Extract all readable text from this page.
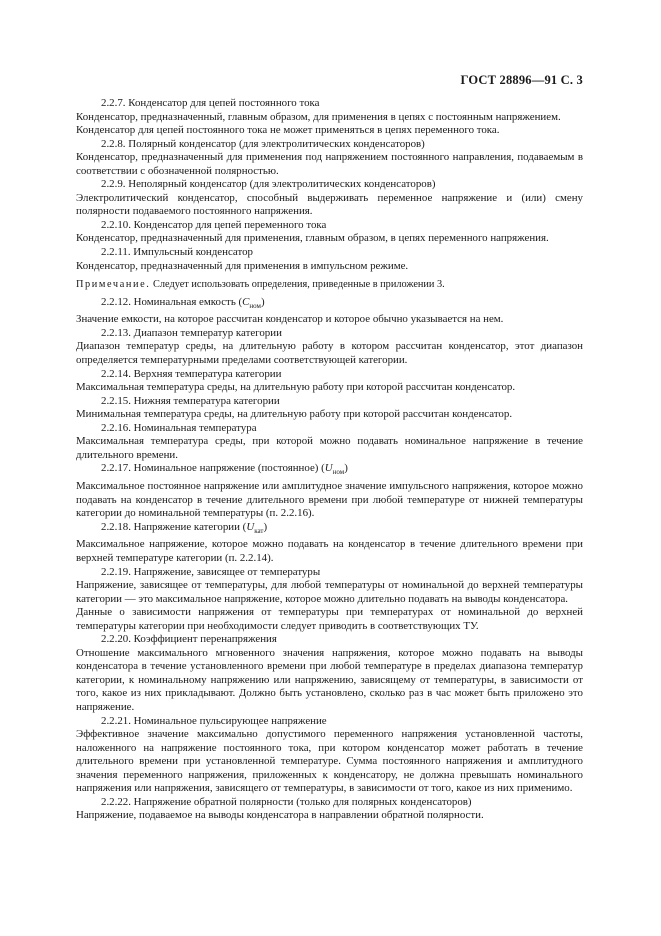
ГОСТ 28896—91 С. 3

2.2.7. Конденсатор для цепей постоянного тока

Конденсатор, предназначенный, главным образом, для применения в цепях с постоянным напряжением.

Конденсатор для цепей постоянного тока не может применяться в цепях переменного тока.

2.2.8. Полярный конденсатор (для электролитических конденсаторов)

Конденсатор, предназначенный для применения под напряжением постоянного направления, подаваемым в соответствии с обозначенной полярностью.

2.2.9. Неполярный конденсатор (для электролитических конденсаторов)

Электролитический конденсатор, способный выдерживать переменное напряжение и (или) смену полярности подаваемого постоянного напряжения.

2.2.10. Конденсатор для цепей переменного тока

Конденсатор, предназначенный для применения, главным образом, в цепях переменного напряжения.

2.2.11. Импульсный конденсатор

Конденсатор, предназначенный для применения в импульсном режиме.

Примечание. Следует использовать определения, приведенные в приложении 3.

2.2.12. Номинальная емкость $(C_{ном})$

Значение емкости, на которое рассчитан конденсатор и которое обычно указывается на нем.

2.2.13. Диапазон температур категории

Диапазон температур среды, на длительную работу в котором рассчитан конденсатор, этот диапазон определяется температурными пределами соответствующей категории.

2.2.14. Верхняя температура категории

Максимальная температура среды, на длительную работу при которой рассчитан конденсатор.

2.2.15. Нижняя температура категории

Минимальная температура среды, на длительную работу при которой рассчитан конденсатор.

2.2.16. Номинальная температура

Максимальная температура среды, при которой можно подавать номинальное напряжение в течение длительного времени.

2.2.17. Номинальное напряжение (постоянное) $(U_{ном})$

Максимальное постоянное напряжение или амплитудное значение импульсного напряжения, которое можно подавать на конденсатор в течение длительного времени при любой температуре от нижней температуры категории до номинальной температуры (п. 2.2.16).

2.2.18. Напряжение категории $(U_{кат})$

Максимальное напряжение, которое можно подавать на конденсатор в течение длительного времени при верхней температуре категории (п. 2.2.14).

2.2.19. Напряжение, зависящее от температуры

Напряжение, зависящее от температуры, для любой температуры от номинальной до верхней температуры категории — это максимальное напряжение, которое можно длительно подавать на выводы конденсатора.

Данные о зависимости напряжения от температуры при температурах от номинальной до верхней температуры категории при необходимости следует приводить в соответствующих ТУ.

2.2.20. Коэффициент перенапряжения

Отношение максимального мгновенного значения напряжения, которое можно подавать на выводы конденсатора в течение установленного времени при любой температуре в пределах диапазона температур категории, к номинальному напряжению или напряжению, зависящему от температуры, в зависимости от того, какое из них прикладывают. Должно быть установлено, сколько раз в час может быть приложено это напряжение.

2.2.21. Номинальное пульсирующее напряжение

Эффективное значение максимально допустимого переменного напряжения установленной частоты, наложенного на напряжение постоянного тока, при котором конденсатор может работать в течение длительного времени при установленной температуре. Сумма постоянного напряжения и амплитудного значения переменного напряжения, приложенных к конденсатору, не должна превышать номинального напряжения или напряжения, зависящего от температуры, в зависимости от того, какое из них применимо.

2.2.22. Напряжение обратной полярности (только для полярных конденсаторов)

Напряжение, подаваемое на выводы конденсатора в направлении обратной полярности.
